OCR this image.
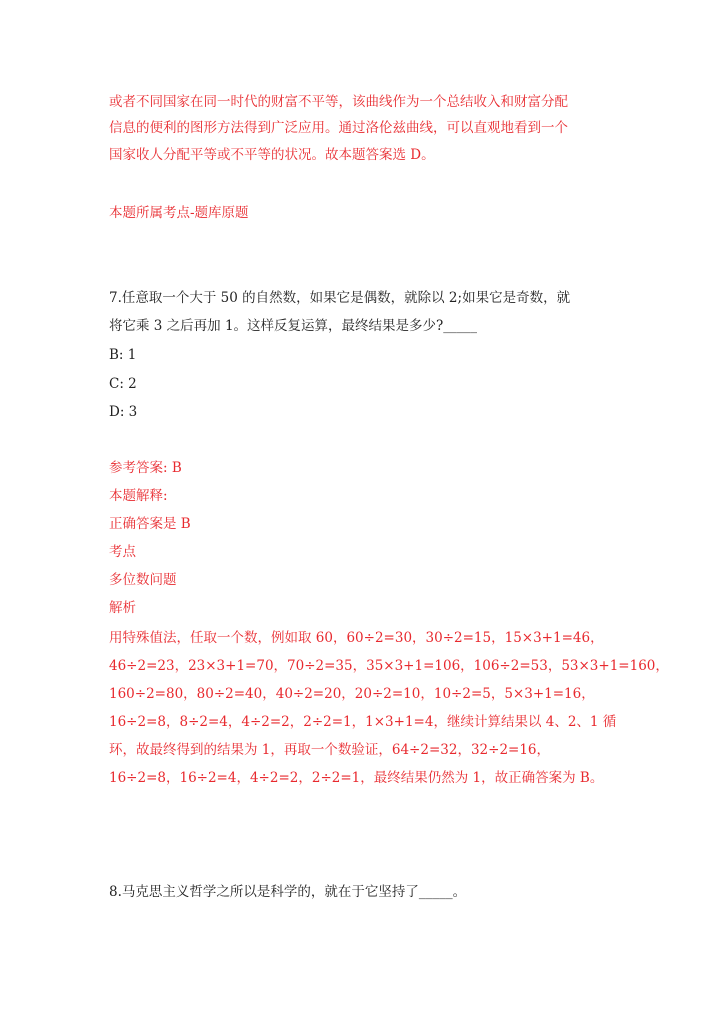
或者不同国家在同一时代的财富不平等，该曲线作为一个总结收入和财富分配
信息的便利的图形方法得到广泛应用。通过洛伦兹曲线，可以直观地看到一个
国家收人分配平等或不平等的状况。故本题答案选 D。
本题所属考点-题库原题
7.任意取一个大于 50 的自然数，如果它是偶数，就除以 2;如果它是奇数，就
将它乘 3 之后再加 1。这样反复运算，最终结果是多少?_____
B: 1
C: 2
D: 3
参考答案: B
本题解释:
正确答案是 B
考点
多位数问题
解析
用特殊值法，任取一个数，例如取 60，60÷2=30，30÷2=15，15×3+1=46，
46÷2=23，23×3+1=70，70÷2=35，35×3+1=106，106÷2=53，53×3+1=160，
160÷2=80，80÷2=40，40÷2=20，20÷2=10，10÷2=5，5×3+1=16，
16÷2=8，8÷2=4，4÷2=2，2÷2=1，1×3+1=4，继续计算结果以 4、2、1 循
环，故最终得到的结果为 1，再取一个数验证，64÷2=32，32÷2=16，
16÷2=8，16÷2=4，4÷2=2，2÷2=1，最终结果仍然为 1，故正确答案为 B。
8.马克思主义哲学之所以是科学的，就在于它坚持了_____。
